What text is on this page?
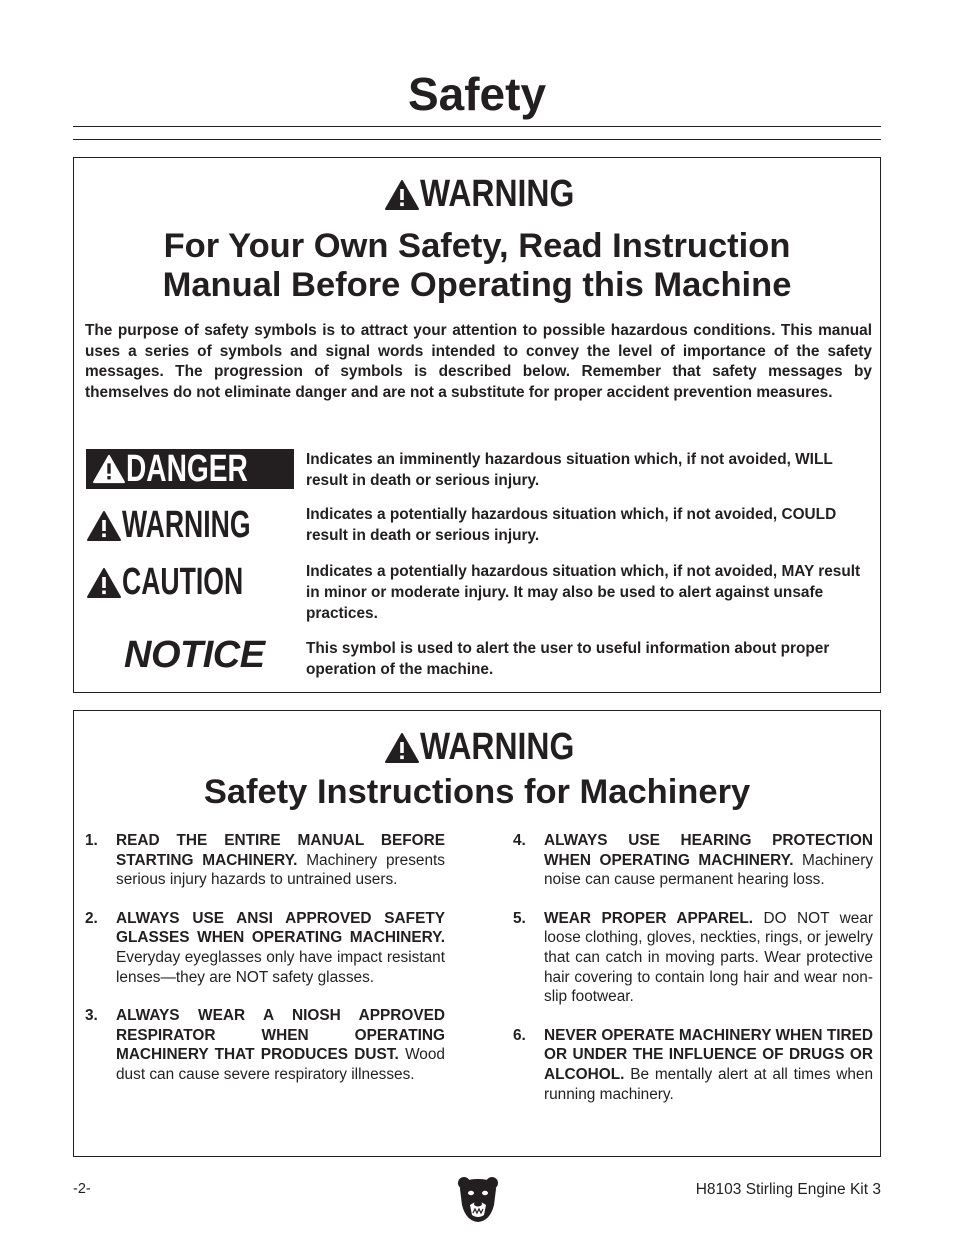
Safety
WARNING
For Your Own Safety, Read Instruction
Manual Before Operating this Machine
The purpose of safety symbols is to attract your attention to possible hazardous conditions. This manual uses a series of symbols and signal words intended to convey the level of importance of the safety messages. The progression of symbols is described below. Remember that safety messages by themselves do not eliminate danger and are not a substitute for proper accident prevention measures.
DANGER	Indicates an imminently hazardous situation which, if not avoided, WILL result in death or serious injury.
WARNING	Indicates a potentially hazardous situation which, if not avoided, COULD result in death or serious injury.
CAUTION	Indicates a potentially hazardous situation which, if not avoided, MAY result in minor or moderate injury. It may also be used to alert against unsafe practices.
NOTICE	This symbol is used to alert the user to useful information about proper operation of the machine.
WARNING
Safety Instructions for Machinery
1. READ THE ENTIRE MANUAL BEFORE STARTING MACHINERY. Machinery presents serious injury hazards to untrained users.
2. ALWAYS USE ANSI APPROVED SAFETY GLASSES WHEN OPERATING MACHINERY. Everyday eyeglasses only have impact resistant lenses—they are NOT safety glasses.
3. ALWAYS WEAR A NIOSH APPROVED RESPIRATOR WHEN OPERATING MACHINERY THAT PRODUCES DUST. Wood dust can cause severe respiratory illnesses.
4. ALWAYS USE HEARING PROTECTION WHEN OPERATING MACHINERY. Machinery noise can cause permanent hearing loss.
5. WEAR PROPER APPAREL. DO NOT wear loose clothing, gloves, neckties, rings, or jewelry that can catch in moving parts. Wear protective hair covering to contain long hair and wear non-slip footwear.
6. NEVER OPERATE MACHINERY WHEN TIRED OR UNDER THE INFLUENCE OF DRUGS OR ALCOHOL. Be mentally alert at all times when running machinery.
-2-	H8103 Stirling Engine Kit 3
